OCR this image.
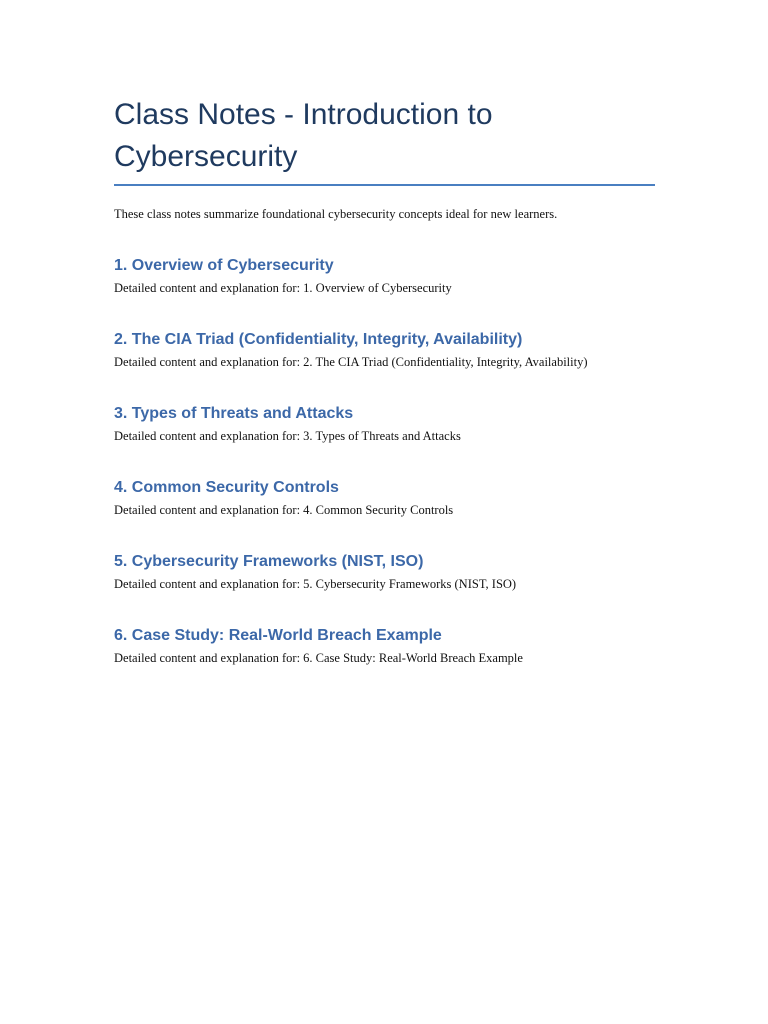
Class Notes - Introduction to Cybersecurity

These class notes summarize foundational cybersecurity concepts ideal for new learners.

1. Overview of Cybersecurity

Detailed content and explanation for: 1. Overview of Cybersecurity

2. The CIA Triad (Confidentiality, Integrity, Availability)

Detailed content and explanation for: 2. The CIA Triad (Confidentiality, Integrity, Availability)

3. Types of Threats and Attacks

Detailed content and explanation for: 3. Types of Threats and Attacks

4. Common Security Controls

Detailed content and explanation for: 4. Common Security Controls

5. Cybersecurity Frameworks (NIST, ISO)

Detailed content and explanation for: 5. Cybersecurity Frameworks (NIST, ISO)

6. Case Study: Real-World Breach Example

Detailed content and explanation for: 6. Case Study: Real-World Breach Example
